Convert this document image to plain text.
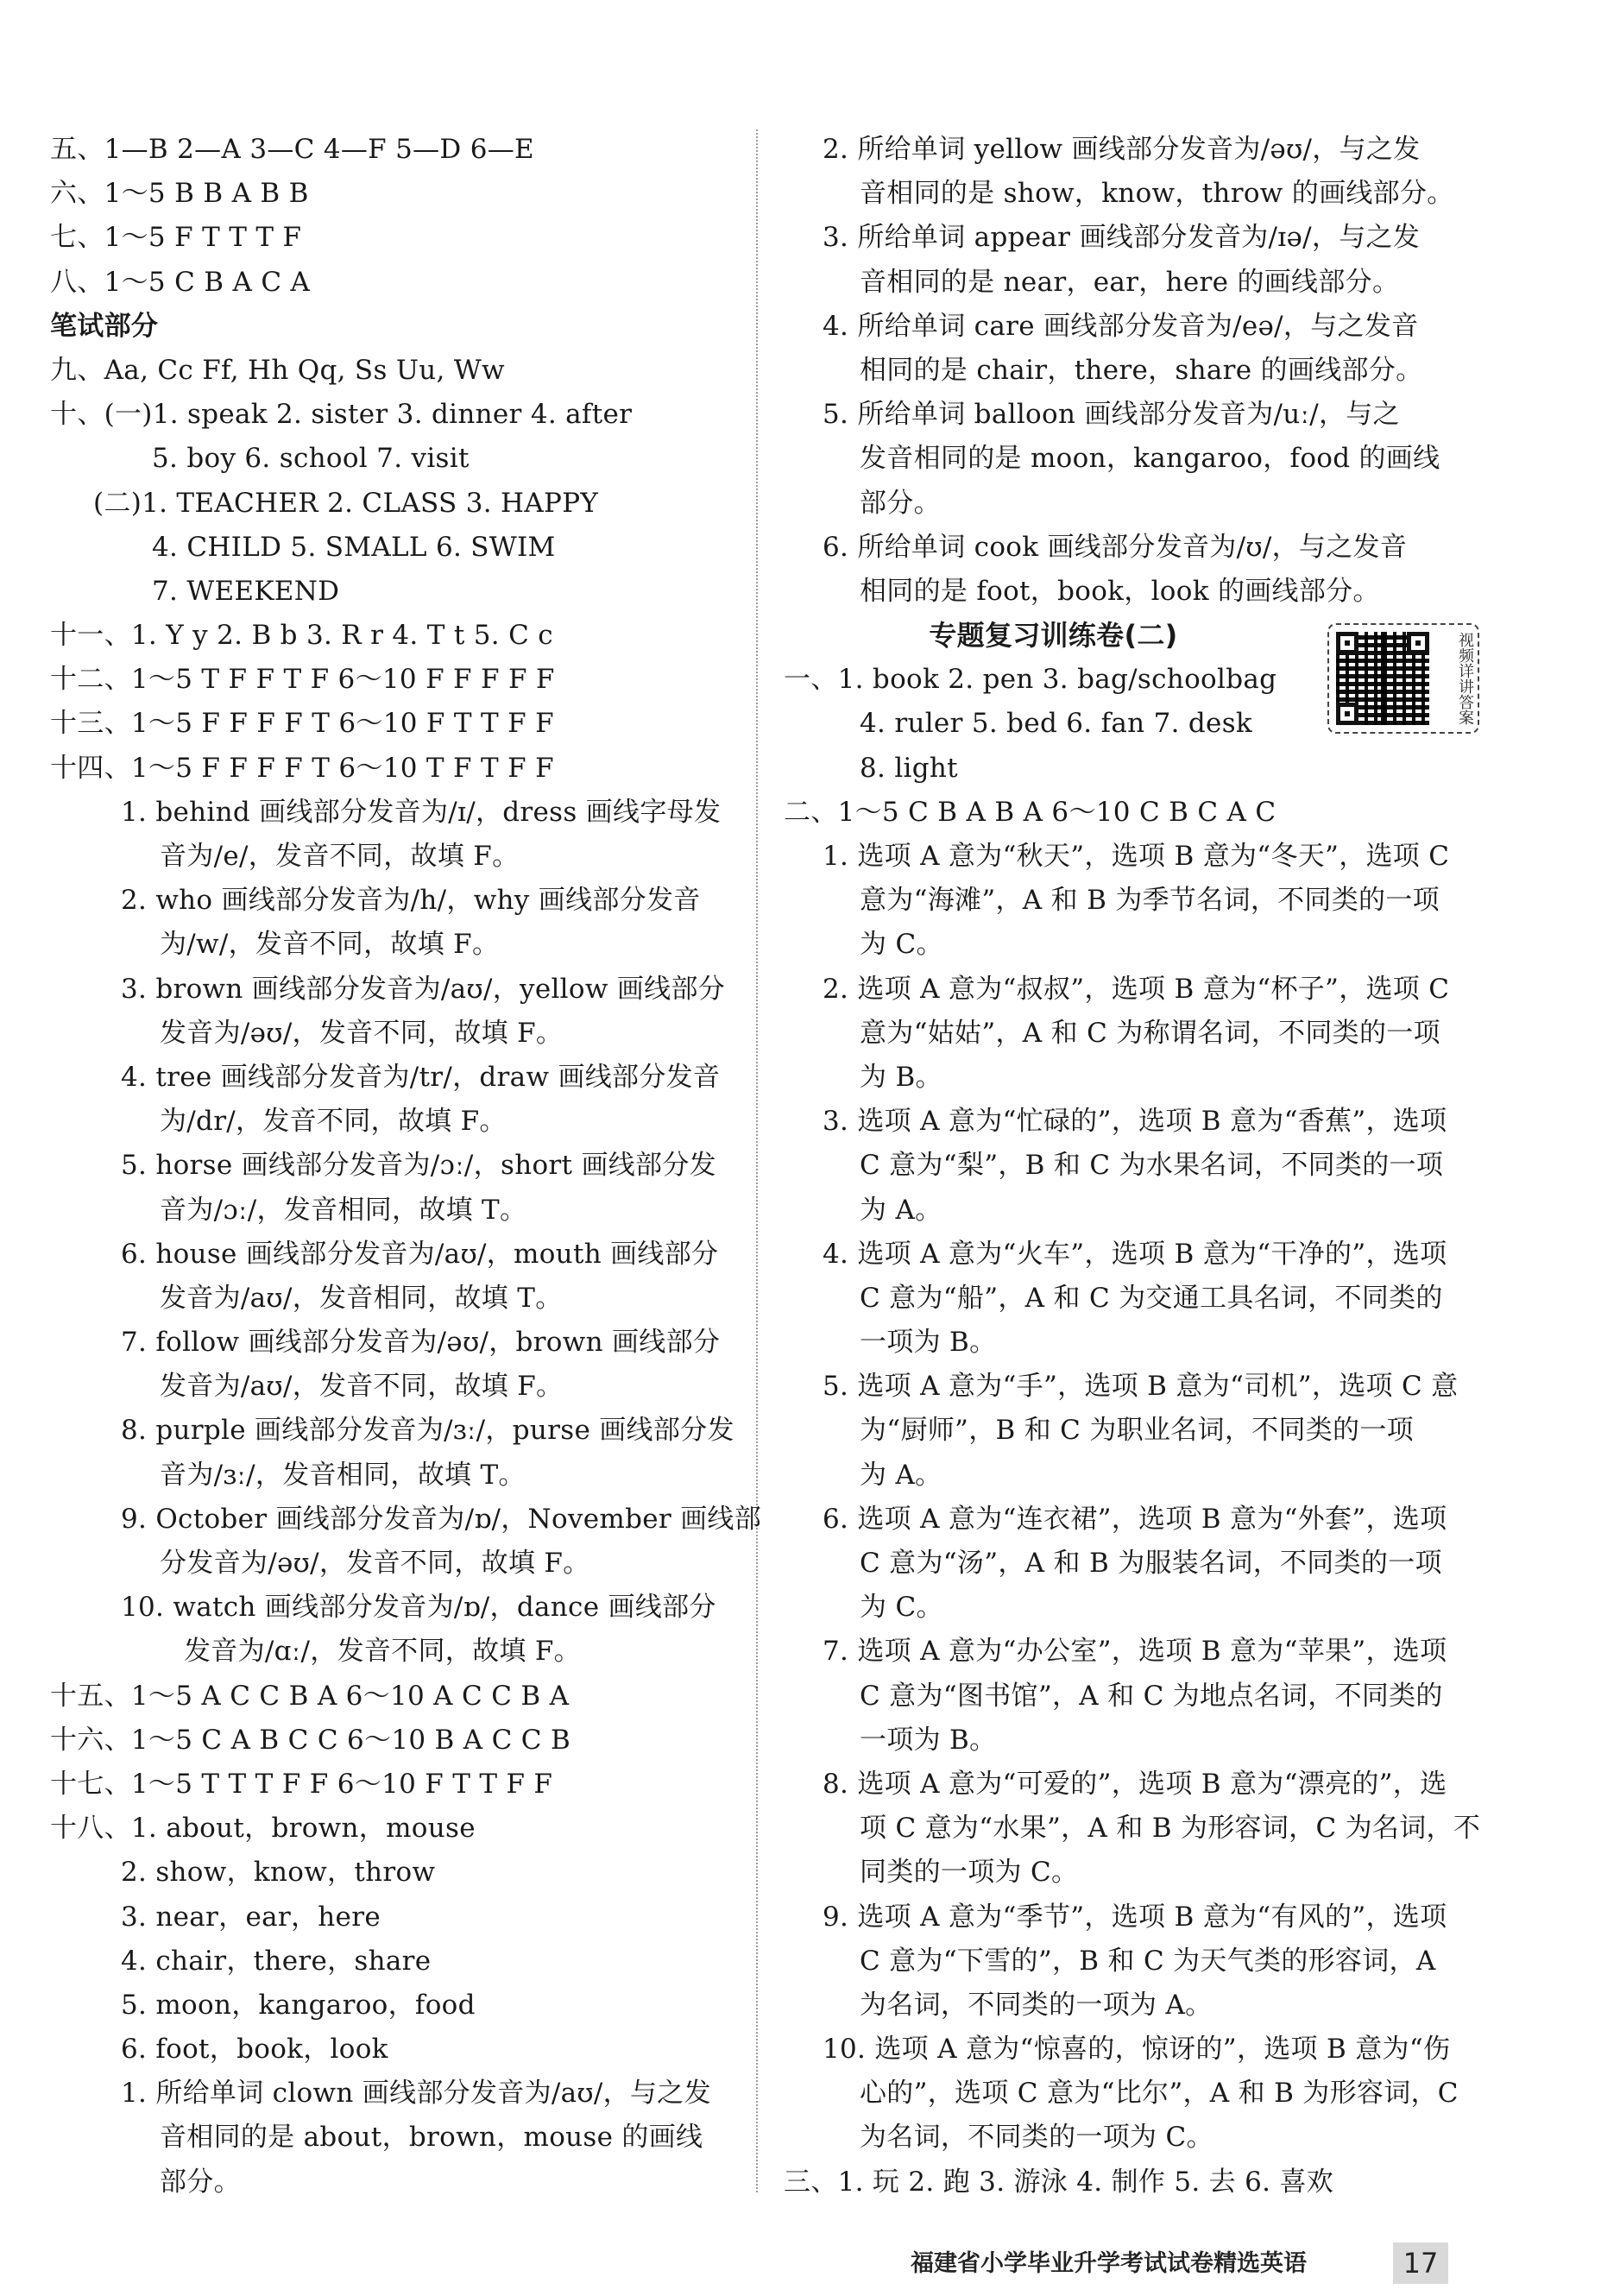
五、1—B 2—A 3—C 4—F 5—D 6—E
六、1～5 B B A B B
七、1～5 F T T T F
八、1～5 C B A C A
笔试部分
九、Aa, Cc Ff, Hh Qq, Ss Uu, Ww
十、(一)1. speak 2. sister 3. dinner 4. after
5. boy 6. school 7. visit
(二)1. TEACHER 2. CLASS 3. HAPPY
4. CHILD 5. SMALL 6. SWIM
7. WEEKEND
十一、1. Y y 2. B b 3. R r 4. T t 5. C c
十二、1～5 T F F T F 6～10 F F F F F
十三、1～5 F F F F T 6～10 F T T F F
十四、1～5 F F F F T 6～10 T F T F F
1. behind 画线部分发音为/ɪ/，dress 画线字母发
音为/e/，发音不同，故填 F。
2. who 画线部分发音为/h/，why 画线部分发音
为/w/，发音不同，故填 F。
3. brown 画线部分发音为/aʊ/，yellow 画线部分
发音为/əʊ/，发音不同，故填 F。
4. tree 画线部分发音为/tr/，draw 画线部分发音
为/dr/，发音不同，故填 F。
5. horse 画线部分发音为/ɔː/，short 画线部分发
音为/ɔː/，发音相同，故填 T。
6. house 画线部分发音为/aʊ/，mouth 画线部分
发音为/aʊ/，发音相同，故填 T。
7. follow 画线部分发音为/əʊ/，brown 画线部分
发音为/aʊ/，发音不同，故填 F。
8. purple 画线部分发音为/ɜː/，purse 画线部分发
音为/ɜː/，发音相同，故填 T。
9. October 画线部分发音为/ɒ/，November 画线部
分发音为/əʊ/，发音不同，故填 F。
10. watch 画线部分发音为/ɒ/，dance 画线部分
发音为/ɑː/，发音不同，故填 F。
十五、1～5 A C C B A 6～10 A C C B A
十六、1～5 C A B C C 6～10 B A C C B
十七、1～5 T T T F F 6～10 F T T F F
十八、1. about，brown，mouse
2. show，know，throw
3. near，ear，here
4. chair，there，share
5. moon，kangaroo，food
6. foot，book，look
1. 所给单词 clown 画线部分发音为/aʊ/，与之发
音相同的是 about，brown，mouse 的画线
部分。
2. 所给单词 yellow 画线部分发音为/əʊ/，与之发
音相同的是 show，know，throw 的画线部分。
3. 所给单词 appear 画线部分发音为/ɪə/，与之发
音相同的是 near，ear，here 的画线部分。
4. 所给单词 care 画线部分发音为/eə/，与之发音
相同的是 chair，there，share 的画线部分。
5. 所给单词 balloon 画线部分发音为/uː/，与之
发音相同的是 moon，kangaroo，food 的画线
部分。
6. 所给单词 cook 画线部分发音为/ʊ/，与之发音
相同的是 foot，book，look 的画线部分。
专题复习训练卷(二)
一、1. book 2. pen 3. bag/schoolbag
4. ruler 5. bed 6. fan 7. desk
8. light
二、1～5 C B A B A 6～10 C B C A C
1. 选项 A 意为“秋天”，选项 B 意为“冬天”，选项 C
意为“海滩”，A 和 B 为季节名词，不同类的一项
为 C。
2. 选项 A 意为“叔叔”，选项 B 意为“杯子”，选项 C
意为“姑姑”，A 和 C 为称谓名词，不同类的一项
为 B。
3. 选项 A 意为“忙碌的”，选项 B 意为“香蕉”，选项
C 意为“梨”，B 和 C 为水果名词，不同类的一项
为 A。
4. 选项 A 意为“火车”，选项 B 意为“干净的”，选项
C 意为“船”，A 和 C 为交通工具名词，不同类的
一项为 B。
5. 选项 A 意为“手”，选项 B 意为“司机”，选项 C 意
为“厨师”，B 和 C 为职业名词，不同类的一项
为 A。
6. 选项 A 意为“连衣裙”，选项 B 意为“外套”，选项
C 意为“汤”，A 和 B 为服装名词，不同类的一项
为 C。
7. 选项 A 意为“办公室”，选项 B 意为“苹果”，选项
C 意为“图书馆”，A 和 C 为地点名词，不同类的
一项为 B。
8. 选项 A 意为“可爱的”，选项 B 意为“漂亮的”，选
项 C 意为“水果”，A 和 B 为形容词，C 为名词，不
同类的一项为 C。
9. 选项 A 意为“季节”，选项 B 意为“有风的”，选项
C 意为“下雪的”，B 和 C 为天气类的形容词，A
为名词，不同类的一项为 A。
10. 选项 A 意为“惊喜的，惊讶的”，选项 B 意为“伤
心的”，选项 C 意为“比尔”，A 和 B 为形容词，C
为名词，不同类的一项为 C。
三、1. 玩 2. 跑 3. 游泳 4. 制作 5. 去 6. 喜欢
视频详讲答案
福建省小学毕业升学考试试卷精选英语	17
